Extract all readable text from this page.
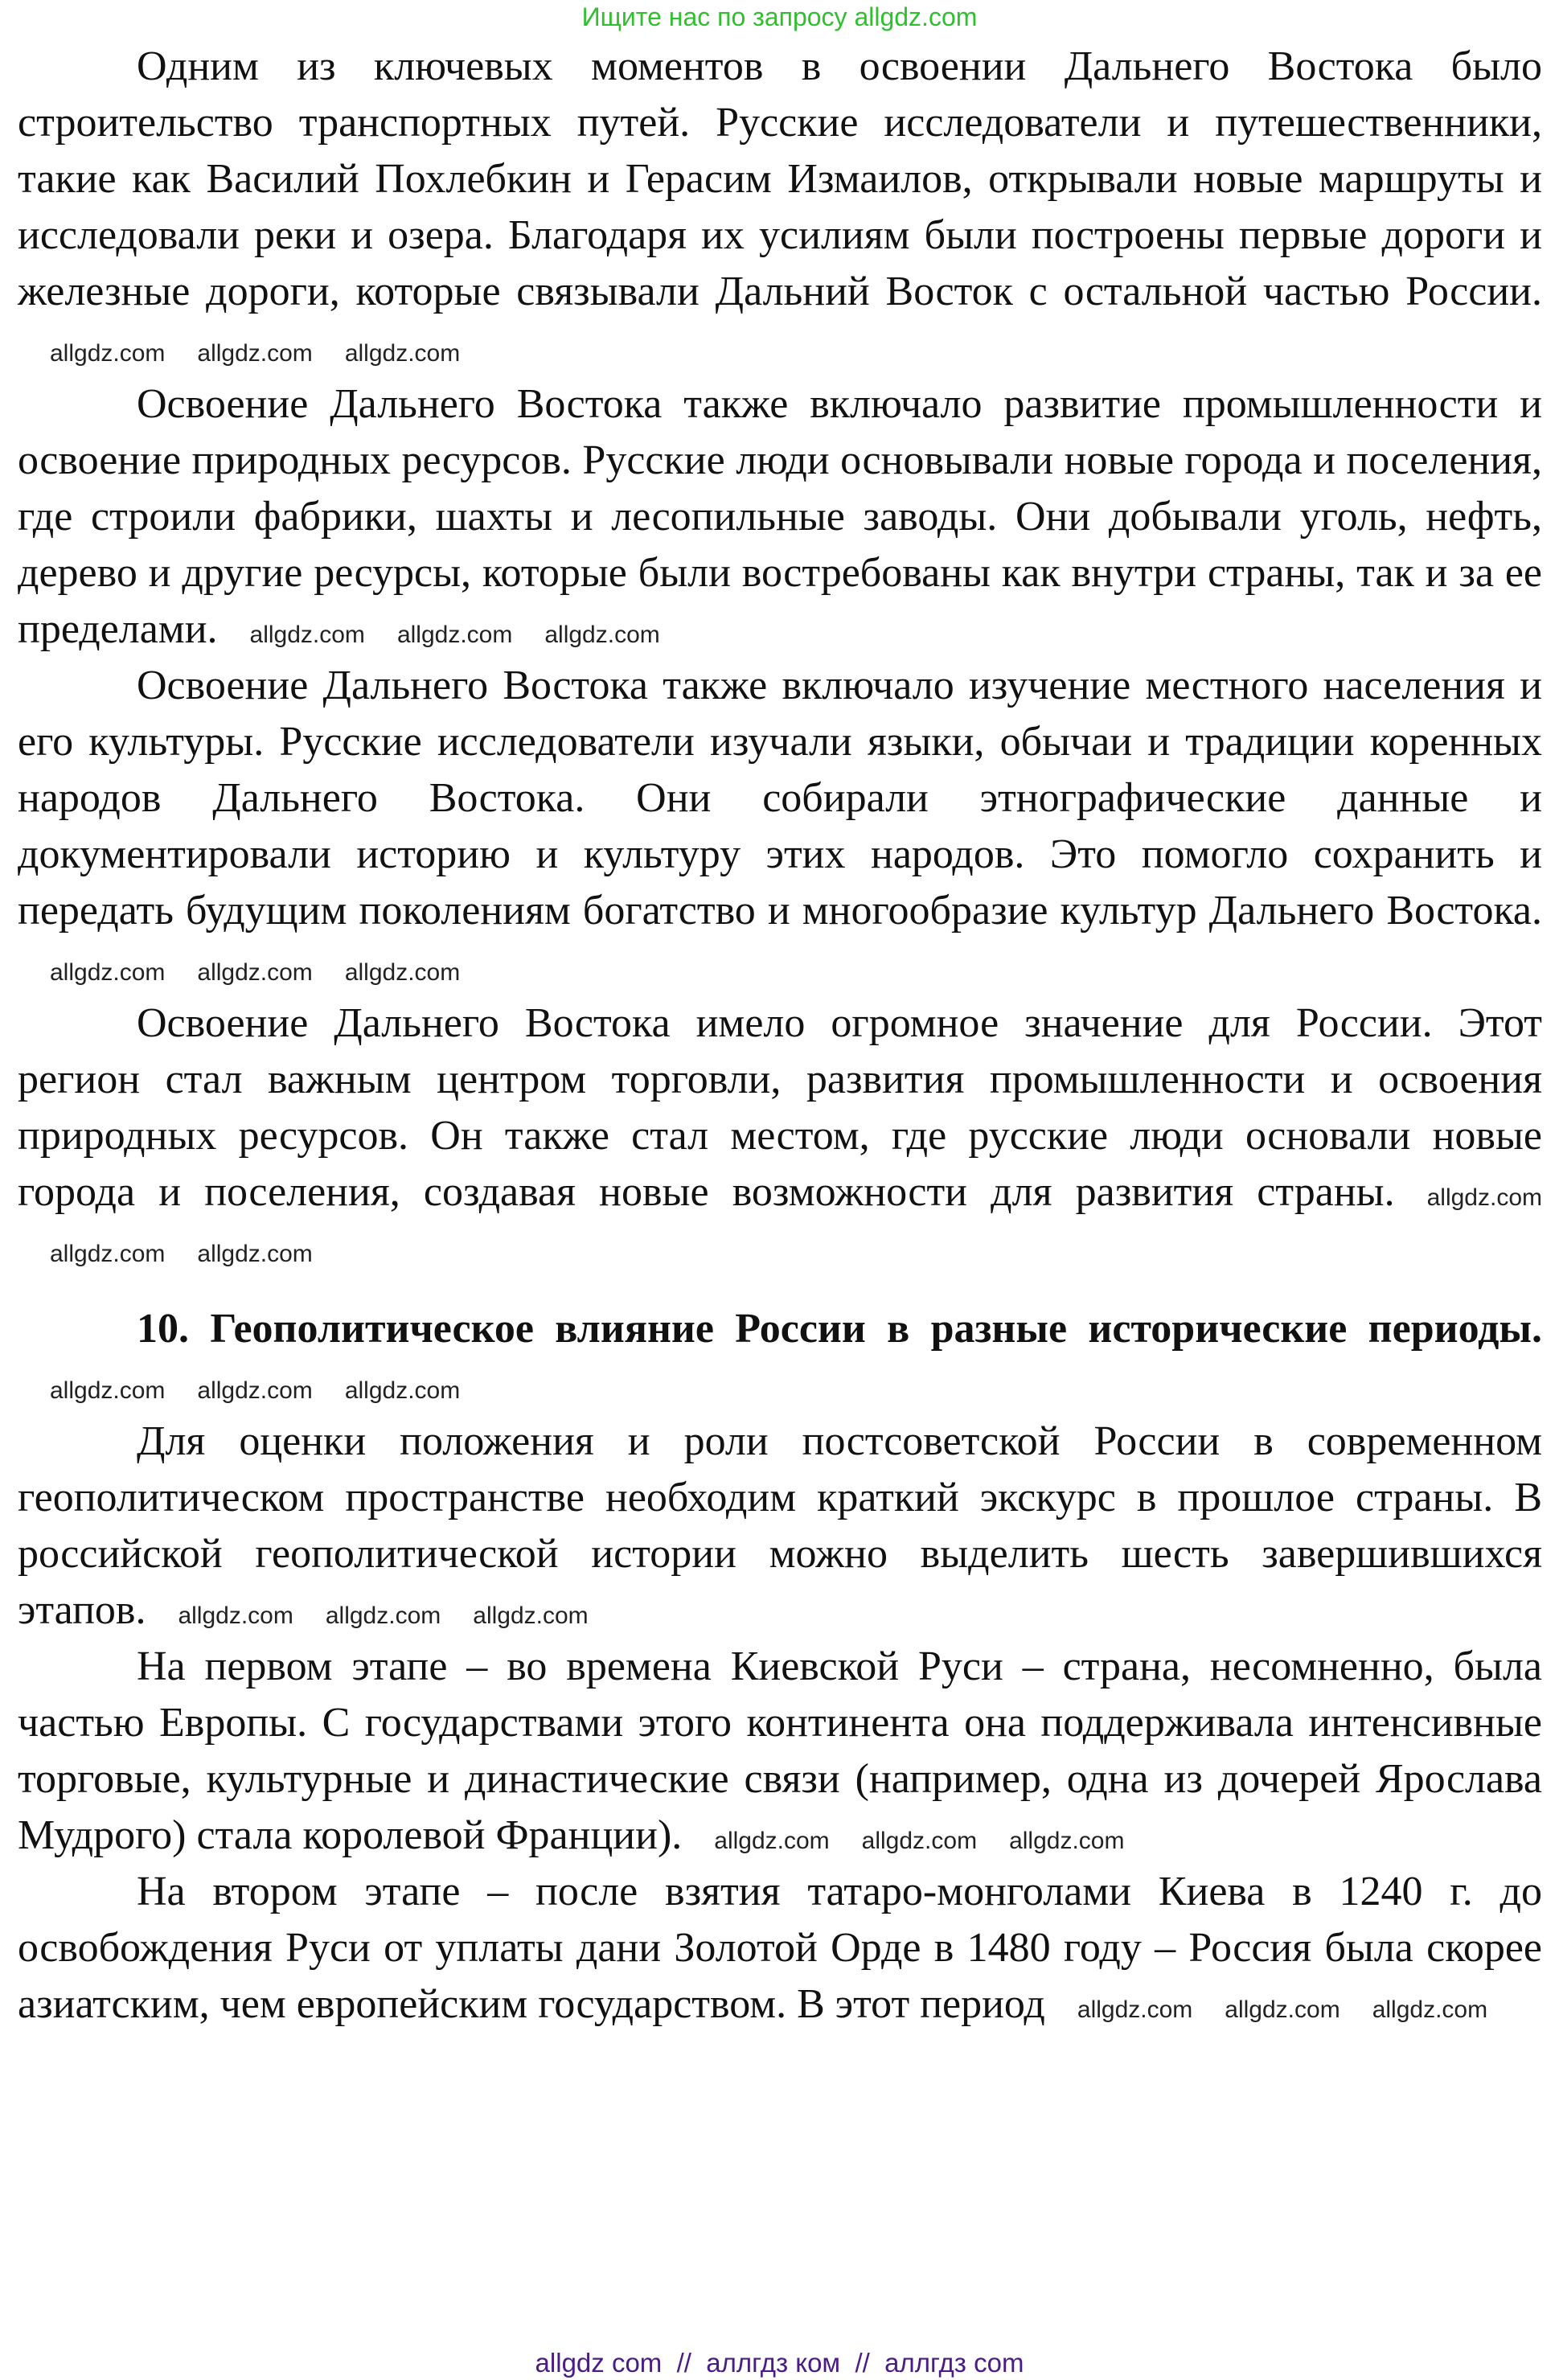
Ищите нас по запросу allgdz.com

Одним из ключевых моментов в освоении Дальнего Востока было строительство транспортных путей. Русские исследователи и путешественники, такие как Василий Похлебкин и Герасим Измаилов, открывали новые маршруты и исследовали реки и озера. Благодаря их усилиям были построены первые дороги и железные дороги, которые связывали Дальний Восток с остальной частью России.allgdz.com allgdz.com allgdz.com

Освоение Дальнего Востока также включало развитие промышленности и освоение природных ресурсов. Русские люди основывали новые города и поселения, где строили фабрики, шахты и лесопильные заводы. Они добывали уголь, нефть, дерево и другие ресурсы, которые были востребованы как внутри страны, так и за ее пределами. allgdz.com allgdz.com allgdz.com

Освоение Дальнего Востока также включало изучение местного населения и его культуры. Русские исследователи изучали языки, обычаи и традиции коренных народов Дальнего Востока. Они собирали этнографические данные и документировали историю и культуру этих народов. Это помогло сохранить и передать будущим поколениям богатство и многообразие культур Дальнего Востока.allgdz.com allgdz.com allgdz.com

Освоение Дальнего Востока имело огромное значение для России. Этот регион стал важным центром торговли, развития промышленности и освоения природных ресурсов. Он также стал местом, где русские люди основали новые города и поселения, создавая новые возможности для развития страны. allgdz.comallgdz.com allgdz.com

10. Геополитическое влияние России в разные исторические периоды.allgdz.com allgdz.com allgdz.com

Для оценки положения и роли постсоветской России в современном геополитическом пространстве необходим краткий экскурс в прошлое страны. В российской геополитической истории можно выделить шесть завершившихся этапов. allgdz.com allgdz.com allgdz.com

На первом этапе – во времена Киевской Руси – страна, несомненно, была частью Европы. С государствами этого континента она поддерживала интенсивные торговые, культурные и династические связи (например, одна из дочерей Ярослава Мудрого) стала королевой Франции). allgdz.com allgdz.com allgdz.com

На втором этапе – после взятия татаро-монголами Киева в 1240 г. до освобождения Руси от уплаты дани Золотой Орде в 1480 году – Россия была скорее азиатским, чем европейским государством. В этот период allgdz.com allgdz.com allgdz.com

allgdz com  //  аллгдз ком  //  аллгдз com
